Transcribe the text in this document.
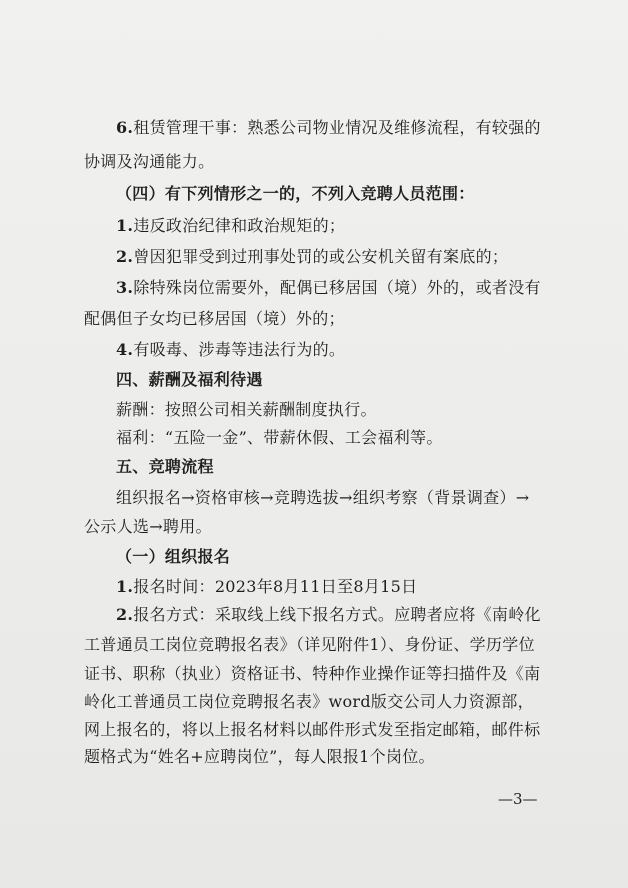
6.租赁管理干事：熟悉公司物业情况及维修流程，有较强的
协调及沟通能力。
（四）有下列情形之一的，不列入竞聘人员范围：
1.违反政治纪律和政治规矩的；
2.曾因犯罪受到过刑事处罚的或公安机关留有案底的；
3.除特殊岗位需要外，配偶已移居国（境）外的，或者没有
配偶但子女均已移居国（境）外的；
4.有吸毒、涉毒等违法行为的。
四、薪酬及福利待遇
薪酬：按照公司相关薪酬制度执行。
福利：“五险一金”、带薪休假、工会福利等。
五、竞聘流程
组织报名→资格审核→竞聘选拔→组织考察（背景调查）→
公示人选→聘用。
（一）组织报名
1.报名时间：2023年8月11日至8月15日
2.报名方式：采取线上线下报名方式。应聘者应将《南岭化
工普通员工岗位竞聘报名表》（详见附件1）、身份证、学历学位
证书、职称（执业）资格证书、特种作业操作证等扫描件及《南
岭化工普通员工岗位竞聘报名表》word版交公司人力资源部，
网上报名的，将以上报名材料以邮件形式发至指定邮箱，邮件标
题格式为“姓名+应聘岗位”，每人限报1个岗位。
—3—
